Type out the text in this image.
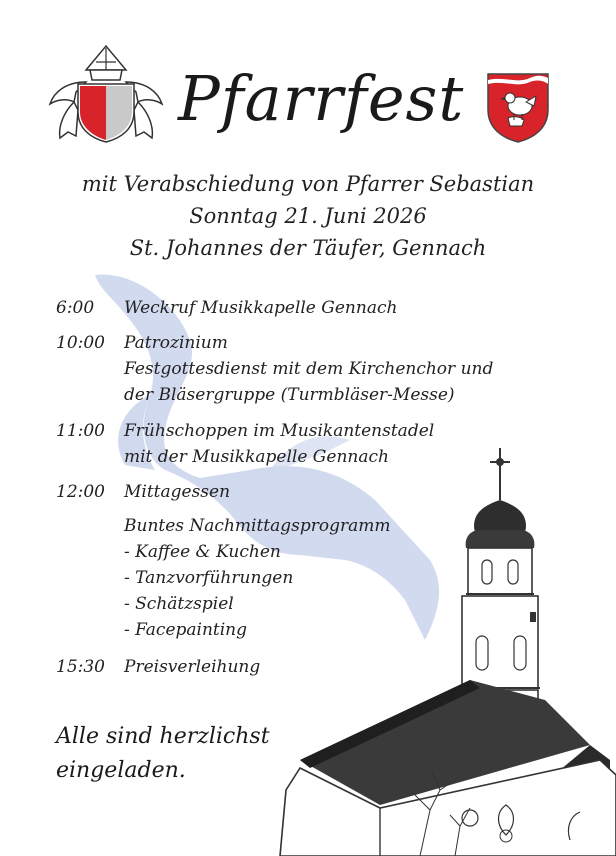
Pfarrfest
mit Verabschiedung von Pfarrer Sebastian
Sonntag 21. Juni 2026
St. Johannes der Täufer, Gennach
6:00 Weckruf Musikkapelle Gennach
10:00 Patrozinium
Festgottesdienst mit dem Kirchenchor und
der Bläsergruppe (Turmbläser-Messe)
11:00 Frühschoppen im Musikantenstadel
mit der Musikkapelle Gennach
12:00 Mittagessen
Buntes Nachmittagsprogramm
- Kaffee & Kuchen
- Tanzvorführungen
- Schätzspiel
- Facepainting
15:30 Preisverleihung
Alle sind herzlichst
eingeladen.
